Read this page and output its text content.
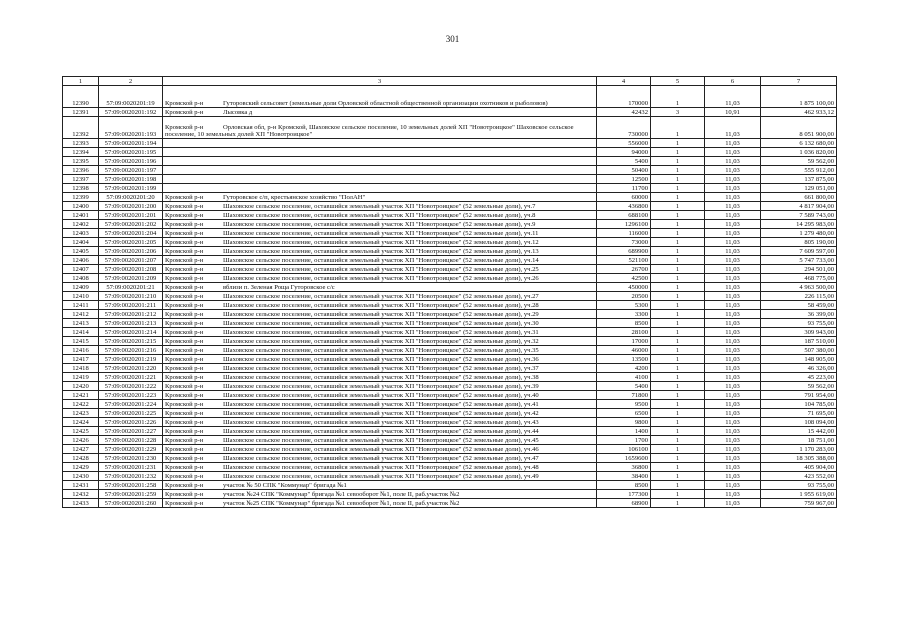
301
1	2	3	4	5	6	7
12390	57:09:0020201:19	Кромской р-н Гуторовский сельсовет (земельные доли Орловской областной общественной организации охотников и рыболовов)	170000	1	11,03	1 875 100,00
12391	57:09:0020201:192	Кромской р-н Лысовка д	42432	3	10,91	462 933,12
12392	57:09:0020201:193	Кромской р-н Орловская обл, р-н Кромской, Шаховское сельское поселение, 10 земельных долей ХП "Новотроицкое" Шаховское сельское поселение, 10 земельных долей ХП "Новотроицкое"	730000	1	11,03	8 051 900,00
12393	57:09:0020201:194		556000	1	11,03	6 132 680,00
12394	57:09:0020201:195		94000	1	11,03	1 036 820,00
12395	57:09:0020201:196		5400	1	11,03	59 562,00
12396	57:09:0020201:197		50400	1	11,03	555 912,00
12397	57:09:0020201:198		12500	1	11,03	137 875,00
12398	57:09:0020201:199		11700	1	11,03	129 051,00
12399	57:09:0020201:20	Кромской р-н Гуторовское с/п, крестьянское хозяйство "ПолАН"	60000	1	11,03	661 800,00
12400	57:09:0020201:200	Кромской р-н Шаховское сельское поселение, оставшийся земельный участок ХП "Новотроицкое" (52 земельные доли), уч.7	436800	1	11,03	4 817 904,00
12401	57:09:0020201:201	Кромской р-н Шаховское сельское поселение, оставшийся земельный участок ХП "Новотроицкое" (52 земельные доли), уч.8	688100	1	11,03	7 589 743,00
12402	57:09:0020201:202	Кромской р-н Шаховское сельское поселение, оставшийся земельный участок ХП "Новотроицкое" (52 земельные доли), уч.9	1296100	1	11,03	14 295 983,00
12403	57:09:0020201:204	Кромской р-н Шаховское сельское поселение, оставшийся земельный участок ХП "Новотроицкое" (52 земельные доли), уч.11	116000	1	11,03	1 279 480,00
12404	57:09:0020201:205	Кромской р-н Шаховское сельское поселение, оставшийся земельный участок ХП "Новотроицкое" (52 земельные доли), уч.12	73000	1	11,03	805 190,00
12405	57:09:0020201:206	Кромской р-н Шаховское сельское поселение, оставшийся земельный участок ХП "Новотроицкое" (52 земельные доли), уч.13	689900	1	11,03	7 609 597,00
12406	57:09:0020201:207	Кромской р-н Шаховское сельское поселение, оставшийся земельный участок ХП "Новотроицкое" (52 земельные доли), уч.14	521100	1	11,03	5 747 733,00
12407	57:09:0020201:208	Кромской р-н Шаховское сельское поселение, оставшийся земельный участок ХП "Новотроицкое" (52 земельные доли), уч.25	26700	1	11,03	294 501,00
12408	57:09:0020201:209	Кромской р-н Шаховское сельское поселение, оставшийся земельный участок ХП "Новотроицкое" (52 земельные доли), уч.26	42500	1	11,03	468 775,00
12409	57:09:0020201:21	Кромской р-н вблизи п. Зеленая Роща Гуторовское с/с	450000	1	11,03	4 963 500,00
12410	57:09:0020201:210	Кромской р-н Шаховское сельское поселение, оставшийся земельный участок ХП "Новотроицкое" (52 земельные доли), уч.27	20500	1	11,03	226 115,00
12411	57:09:0020201:211	Кромской р-н Шаховское сельское поселение, оставшийся земельный участок ХП "Новотроицкое" (52 земельные доли), уч.28	5300	1	11,03	58 459,00
12412	57:09:0020201:212	Кромской р-н Шаховское сельское поселение, оставшийся земельный участок ХП "Новотроицкое" (52 земельные доли), уч.29	3300	1	11,03	36 399,00
12413	57:09:0020201:213	Кромской р-н Шаховское сельское поселение, оставшийся земельный участок ХП "Новотроицкое" (52 земельные доли), уч.30	8500	1	11,03	93 755,00
12414	57:09:0020201:214	Кромской р-н Шаховское сельское поселение, оставшийся земельный участок ХП "Новотроицкое" (52 земельные доли), уч.31	28100	1	11,03	309 943,00
12415	57:09:0020201:215	Кромской р-н Шаховское сельское поселение, оставшийся земельный участок ХП "Новотроицкое" (52 земельные доли), уч.32	17000	1	11,03	187 510,00
12416	57:09:0020201:216	Кромской р-н Шаховское сельское поселение, оставшийся земельный участок ХП "Новотроицкое" (52 земельные доли), уч.35	46000	1	11,03	507 380,00
12417	57:09:0020201:219	Кромской р-н Шаховское сельское поселение, оставшийся земельный участок ХП "Новотроицкое" (52 земельные доли), уч.36	13500	1	11,03	148 905,00
12418	57:09:0020201:220	Кромской р-н Шаховское сельское поселение, оставшийся земельный участок ХП "Новотроицкое" (52 земельные доли), уч.37	4200	1	11,03	46 326,00
12419	57:09:0020201:221	Кромской р-н Шаховское сельское поселение, оставшийся земельный участок ХП "Новотроицкое" (52 земельные доли), уч.38	4100	1	11,03	45 223,00
12420	57:09:0020201:222	Кромской р-н Шаховское сельское поселение, оставшийся земельный участок ХП "Новотроицкое" (52 земельные доли), уч.39	5400	1	11,03	59 562,00
12421	57:09:0020201:223	Кромской р-н Шаховское сельское поселение, оставшийся земельный участок ХП "Новотроицкое" (52 земельные доли), уч.40	71800	1	11,03	791 954,00
12422	57:09:0020201:224	Кромской р-н Шаховское сельское поселение, оставшийся земельный участок ХП "Новотроицкое" (52 земельные доли), уч.41	9500	1	11,03	104 785,00
12423	57:09:0020201:225	Кромской р-н Шаховское сельское поселение, оставшийся земельный участок ХП "Новотроицкое" (52 земельные доли), уч.42	6500	1	11,03	71 695,00
12424	57:09:0020201:226	Кромской р-н Шаховское сельское поселение, оставшийся земельный участок ХП "Новотроицкое" (52 земельные доли), уч.43	9800	1	11,03	108 094,00
12425	57:09:0020201:227	Кромской р-н Шаховское сельское поселение, оставшийся земельный участок ХП "Новотроицкое" (52 земельные доли), уч.44	1400	1	11,03	15 442,00
12426	57:09:0020201:228	Кромской р-н Шаховское сельское поселение, оставшийся земельный участок ХП "Новотроицкое" (52 земельные доли), уч.45	1700	1	11,03	18 751,00
12427	57:09:0020201:229	Кромской р-н Шаховское сельское поселение, оставшийся земельный участок ХП "Новотроицкое" (52 земельные доли), уч.46	106100	1	11,03	1 170 283,00
12428	57:09:0020201:230	Кромской р-н Шаховское сельское поселение, оставшийся земельный участок ХП "Новотроицкое" (52 земельные доли), уч.47	1659600	1	11,03	18 305 388,00
12429	57:09:0020201:231	Кромской р-н Шаховское сельское поселение, оставшийся земельный участок ХП "Новотроицкое" (52 земельные доли), уч.48	36800	1	11,03	405 904,00
12430	57:09:0020201:232	Кромской р-н Шаховское сельское поселение, оставшийся земельный участок ХП "Новотроицкое" (52 земельные доли), уч.49	38400	1	11,03	423 552,00
12431	57:09:0020201:258	Кромской р-н участок № 50 СПК "Коммунар" бригада №1	8500	1	11,03	93 755,00
12432	57:09:0020201:259	Кромской р-н участок №24 СПК "Коммунар" бригада №1 севооборот №1, поле II, раб.участок №2	177300	1	11,03	1 955 619,00
12433	57:09:0020201:260	Кромской р-н участок №25 СПК "Коммунар" бригада №1 севооборот №1, поле II, раб.участок №2	68900	1	11,03	759 967,00
